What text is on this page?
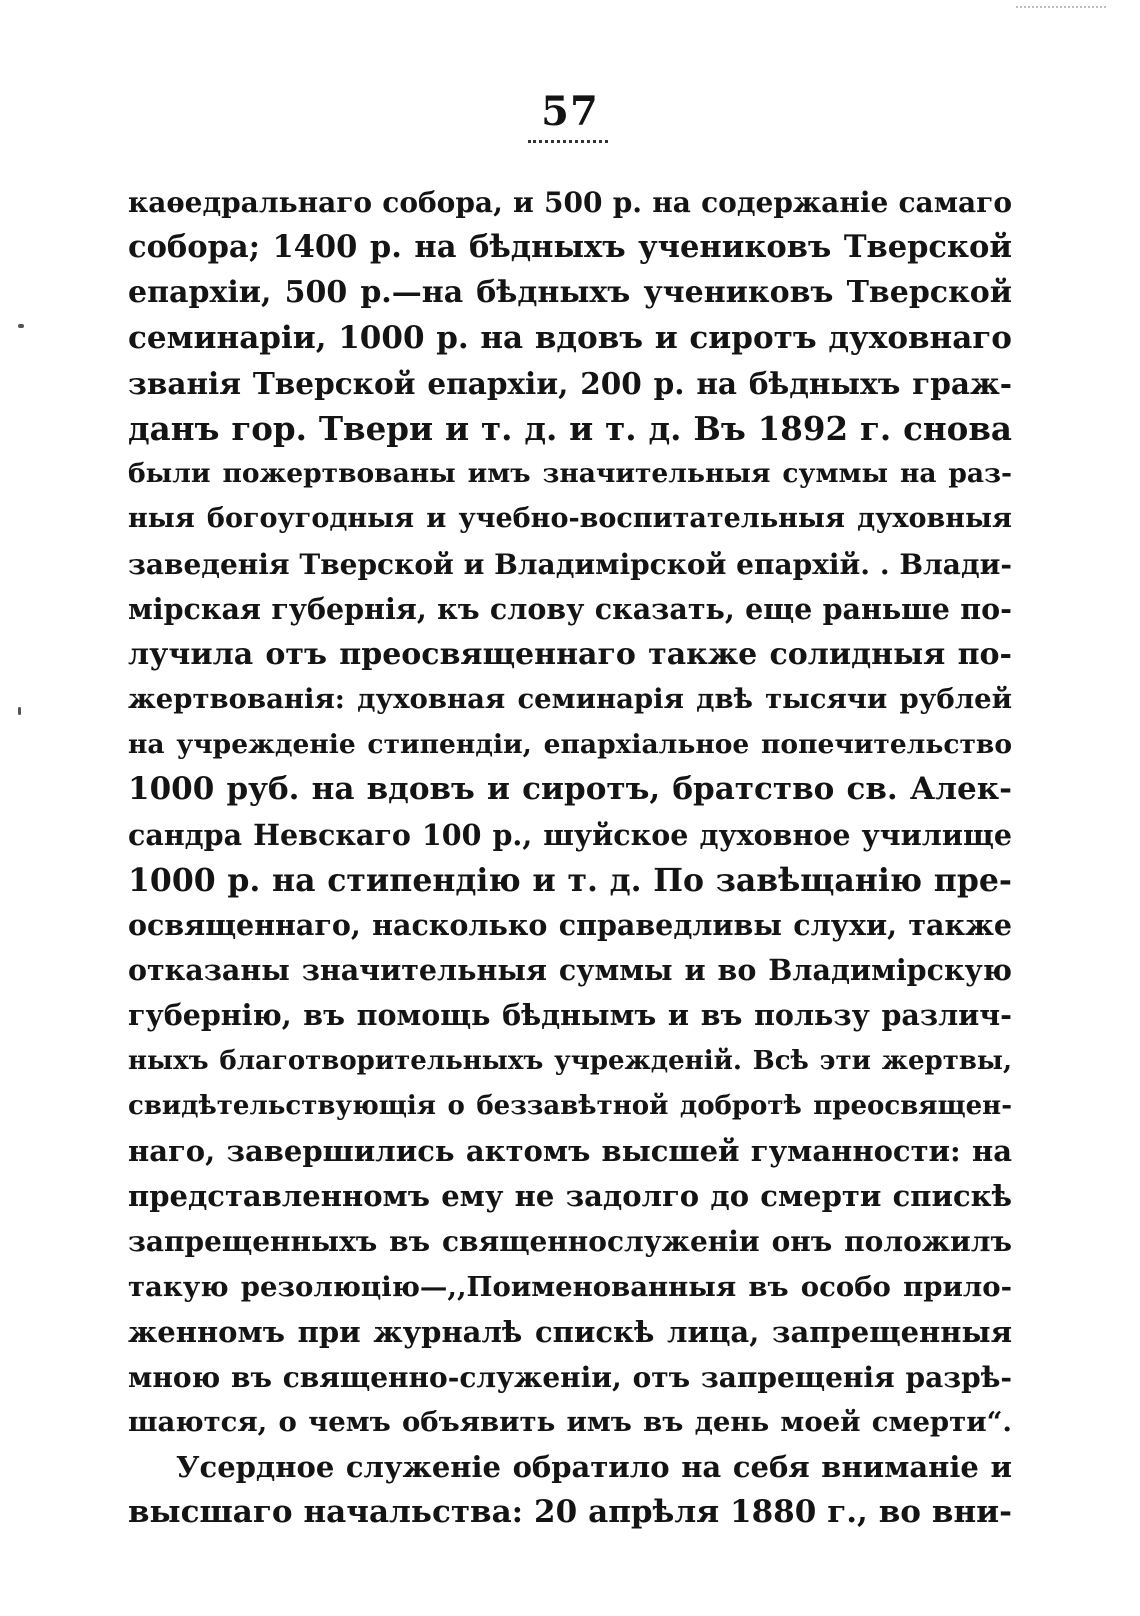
57
каѳедральнаго собора, и 500 р. на содержаніе самаго
собора; 1400 р. на бѣдныхъ учениковъ Тверской
епархіи, 500 р.—на бѣдныхъ учениковъ Тверской
семинаріи, 1000 р. на вдовъ и сиротъ духовнаго
званія Тверской епархіи, 200 р. на бѣдныхъ граж-
данъ гор. Твери и т. д. и т. д. Въ 1892 г. снова
были пожертвованы имъ значительныя суммы на раз-
ныя богоугодныя и учебно-воспитательныя духовныя
заведенія Тверской и Владимірской епархій. . Влади-
мірская губернія, къ слову сказать, еще раньше по-
лучила отъ преосвященнаго также солидныя по-
жертвованія: духовная семинарія двѣ тысячи рублей
на учрежденіе стипендіи, епархіальное попечительство
1000 руб. на вдовъ и сиротъ, братство св. Алек-
сандра Невскаго 100 р., шуйское духовное училище
1000 р. на стипендію и т. д. По завѣщанію пре-
освященнаго, насколько справедливы слухи, также
отказаны значительныя суммы и во Владимірскую
губернію, въ помощь бѣднымъ и въ пользу различ-
ныхъ благотворительныхъ учрежденій. Всѣ эти жертвы,
свидѣтельствующія о беззавѣтной добротѣ преосвящен-
наго, завершились актомъ высшей гуманности: на
представленномъ ему не задолго до смерти спискѣ
запрещенныхъ въ священнослуженіи онъ положилъ
такую резолюцію—,,Поименованныя въ особо прило-
женномъ при журналѣ спискѣ лица, запрещенныя
мною въ священно-служеніи, отъ запрещенія разрѣ-
шаются, о чемъ объявить имъ въ день моей смерти“.
Усердное служеніе обратило на себя вниманіе и
высшаго начальства: 20 апрѣля 1880 г., во вни-
